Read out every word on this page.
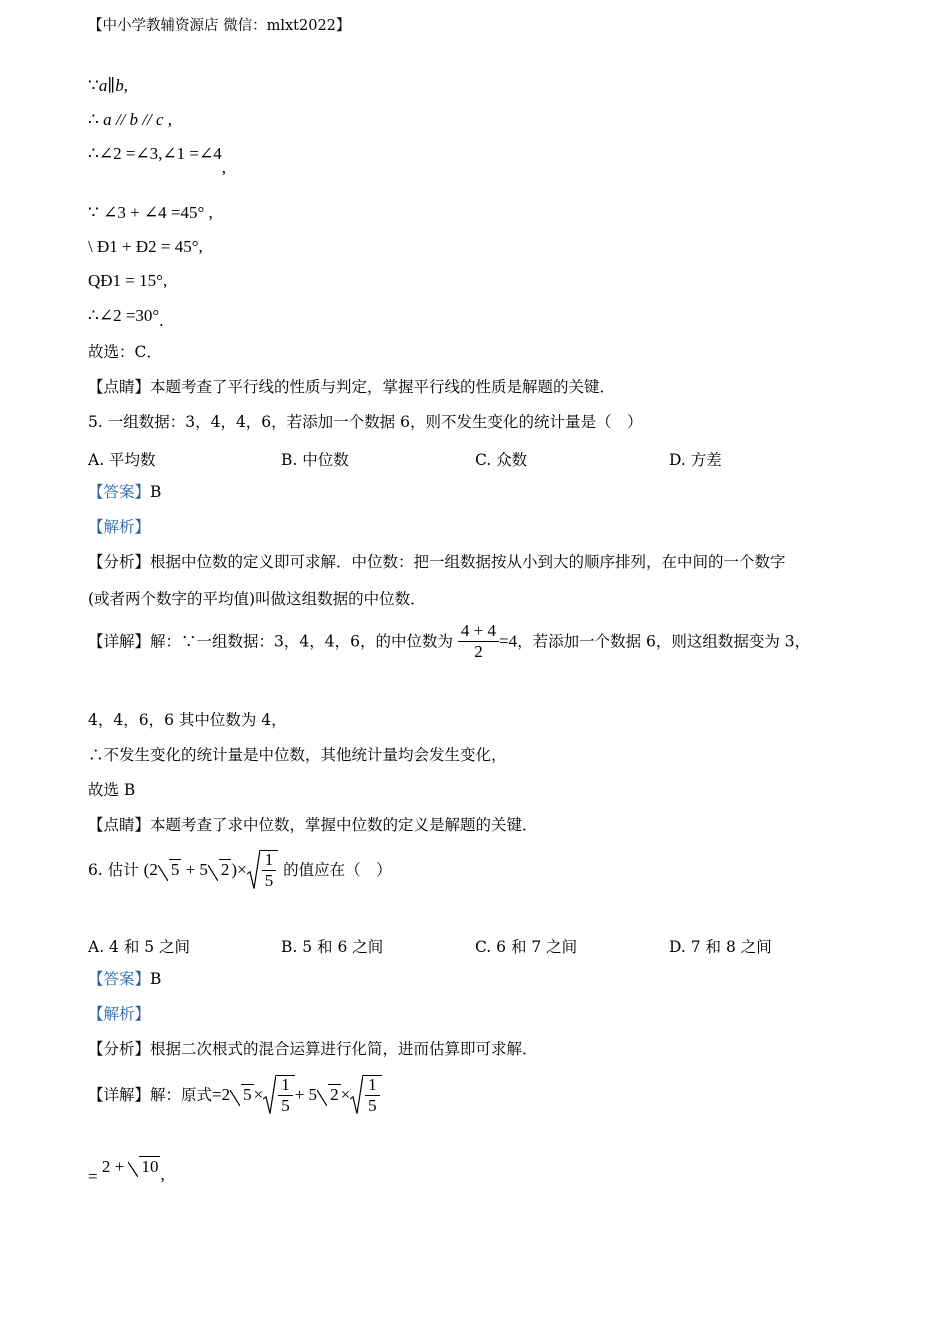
【中小学教辅资源店 微信：mlxt2022】
∵a∥b,
∴ a // b // c ,
∴∠2 =∠3,∠1 =∠4,
∵ ∠3 + ∠4 =45° ,
\ Ð1 + Ð2 = 45°,
QÐ1 = 15°,
∴∠2 =30°.
故选：C．
【点睛】本题考查了平行线的性质与判定，掌握平行线的性质是解题的关键．
5. 一组数据：3，4，4，6，若添加一个数据 6，则不发生变化的统计量是（　）
A. 平均数	B. 中位数	C. 众数	D. 方差
【答案】B
【解析】
【分析】根据中位数的定义即可求解．中位数：把一组数据按从小到大的顺序排列，在中间的一个数字
(或者两个数字的平均值)叫做这组数据的中位数．
【详解】解：∵一组数据：3，4，4，6，的中位数为 $\frac{4 + 4}{2} =4$，若添加一个数据 6，则这组数据变为 3，
4，4，6，6 其中位数为 4，
∴不发生变化的统计量是中位数，其他统计量均会发生变化，
故选 B
【点睛】本题考查了求中位数，掌握中位数的定义是解题的关键．
6. 估计 (2 5 + 5 2 )× $\frac{1}{5}$ 的值应在（　）
A. 4 和 5 之间	B. 5 和 6 之间	C. 6 和 7 之间	D. 7 和 8 之间
【答案】B
【解析】
【分析】根据二次根式的混合运算进行化简，进而估算即可求解．
【详解】解：原式=2 $5 \times \frac{1}{5} + 5$ $2 \times \frac{1}{5}$
= 2 + 10 ,
